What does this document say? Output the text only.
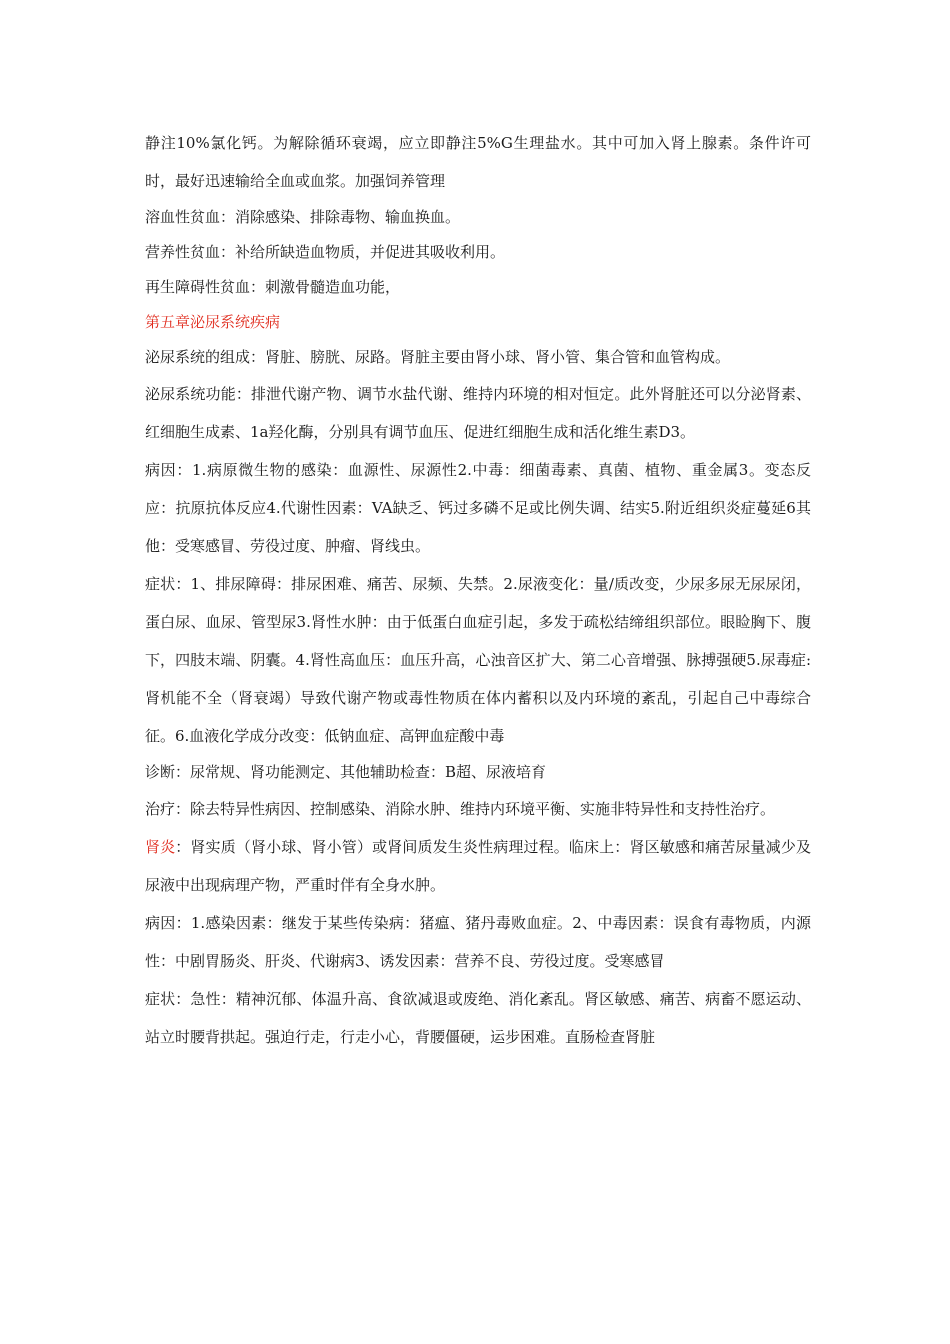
静注10%氯化钙。为解除循环衰竭，应立即静注5%G生理盐水。其中可加入肾上腺素。条件许可时，最好迅速输给全血或血浆。加强饲养管理

溶血性贫血：消除感染、排除毒物、输血换血。

营养性贫血：补给所缺造血物质，并促进其吸收利用。

再生障碍性贫血：刺激骨髓造血功能，

第五章泌尿系统疾病

泌尿系统的组成：肾脏、膀胱、尿路。肾脏主要由肾小球、肾小管、集合管和血管构成。

泌尿系统功能：排泄代谢产物、调节水盐代谢、维持内环境的相对恒定。此外肾脏还可以分泌肾素、红细胞生成素、1a羟化酶，分别具有调节血压、促进红细胞生成和活化维生素D3。

病因：1.病原微生物的感染：血源性、尿源性2.中毒：细菌毒素、真菌、植物、重金属3。变态反应：抗原抗体反应4.代谢性因素：VA缺乏、钙过多磷不足或比例失调、结实5.附近组织炎症蔓延6其他：受寒感冒、劳役过度、肿瘤、肾线虫。

症状：1、排尿障碍：排尿困难、痛苦、尿频、失禁。2.尿液变化：量/质改变，少尿多尿无尿尿闭，蛋白尿、血尿、管型尿3.肾性水肿：由于低蛋白血症引起，多发于疏松结缔组织部位。眼睑胸下、腹下，四肢末端、阴囊。4.肾性高血压：血压升高，心浊音区扩大、第二心音增强、脉搏强硬5.尿毒症:肾机能不全（肾衰竭）导致代谢产物或毒性物质在体内蓄积以及内环境的紊乱，引起自己中毒综合征。6.血液化学成分改变：低钠血症、高钾血症酸中毒

诊断：尿常规、肾功能测定、其他辅助检查：B超、尿液培育

治疗：除去特异性病因、控制感染、消除水肿、维持内环境平衡、实施非特异性和支持性治疗。

肾炎：肾实质（肾小球、肾小管）或肾间质发生炎性病理过程。临床上：肾区敏感和痛苦尿量减少及尿液中出现病理产物，严重时伴有全身水肿。

病因：1.感染因素：继发于某些传染病：猪瘟、猪丹毒败血症。2、中毒因素：误食有毒物质，内源性：中剧胃肠炎、肝炎、代谢病3、诱发因素：营养不良、劳役过度。受寒感冒

症状：急性：精神沉郁、体温升高、食欲减退或废绝、消化紊乱。肾区敏感、痛苦、病畜不愿运动、站立时腰背拱起。强迫行走，行走小心，背腰僵硬，运步困难。直肠检查肾脏
